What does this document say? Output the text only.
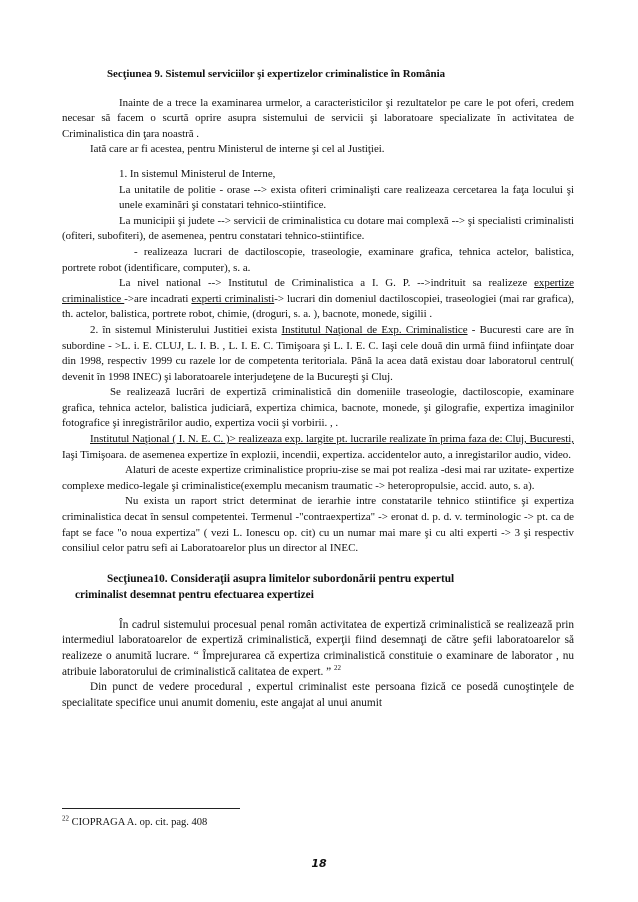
Secţiunea 9. Sistemul serviciilor şi expertizelor criminalistice în România

Inainte de a trece la examinarea urmelor, a caracteristicilor şi rezultatelor pe care le pot oferi, credem necesar să facem o scurtă oprire asupra sistemului de servicii şi laboratoare specializate în activitatea de Criminalistica din ţara noastră .

Iată care ar fi acestea, pentru Ministerul de interne şi cel al Justiţiei.

1. In sistemul Ministerul de Interne,
La unitatile de politie - orase --> exista ofiteri criminalişti care realizeaza cercetarea la faţa locului şi unele examinări şi constatari tehnico-stiintifice.

La municipii şi judete --> servicii de criminalistica cu dotare mai complexă --> şi specialisti criminalisti (ofiteri, subofiteri), de asemenea, pentru constatari tehnico-stiintifice.

- realizeaza lucrari de dactiloscopie, traseologie, examinare grafica, tehnica actelor, balistica, portrete robot (identificare, computer), s. a.

La nivel national --> Institutul de Criminalistica a I. G. P. -->indrituit sa realizeze expertize criminalistice ->are incadrati experti criminalisti-> lucrari din domeniul dactiloscopiei, traseologiei (mai rar grafica), th. actelor, balistica, portrete robot, chimie, (droguri, s. a. ), bacnote, monede, sigilii .

2. în sistemul Ministerului Justitiei exista Institutul Naţional de Exp. Criminalistice - Bucuresti care are în subordine - >L. i. E. CLUJ, L. I. B. , L. I. E. C. Timişoara şi L. I. E. C. Iaşi cele două din urmă fiind infiinţate doar din 1998, respectiv 1999 cu razele lor de competenta teritoriala. Până la acea dată existau doar laboratorul centrul( devenit în 1998 INEC) şi laboratoarele interjudeţene de la Bucureşti şi Cluj.

Se realizează lucrări de expertiză criminalistică din domeniile traseologie, dactiloscopie, examinare grafica, tehnica actelor, balistica judiciară, expertiza chimica, bacnote, monede, şi gilografie, expertiza imaginilor fotografice şi inregistrărilor audio, expertiza vocii şi vorbirii. , .

Institutul Naţional ( I. N. E. C. )> realizeaza exp. largite pt. lucrarile realizate în prima faza de: Cluj, Bucuresti, Iaşi Timişoara. de asemenea expertize în explozii, incendii, expertiza. accidentelor auto, a inregistarilor audio, video.

Alaturi de aceste expertize criminalistice propriu-zise se mai pot realiza -desi mai rar uzitate- expertize complexe medico-legale şi criminalistice(exemplu mecanism traumatic -> heteropropulsie, accid. auto, s. a).

Nu exista un raport strict determinat de ierarhie intre constatarile tehnico stiintifice şi expertiza criminalistica decat în sensul competentei. Termenul -"contraexpertiza" -> eronat d. p. d. v. terminologic -> pt. ca de fapt se face "o noua expertiza" ( vezi L. Ionescu op. cit) cu un numar mai mare şi cu alti experti -> 3 şi respectiv consiliul celor patru sefi ai Laboratoarelor plus un director al INEC.

Secţiunea10. Consideraţii asupra limitelor subordonării pentru expertul
criminalist desemnat pentru efectuarea expertizei

În cadrul sistemului procesual penal român activitatea de expertiză criminalistică se realizează prin intermediul laboratoarelor de expertiză criminalistică, experţii fiind desemnaţi de către şefii laboratoarelor să realizeze o anumită lucrare. “ Împrejurarea că expertiza criminalistică constituie o examinare de laborator , nu atribuie laboratorului de criminalistică calitatea de expert. ” $^{22}$

Din punct de vedere procedural , expertul criminalist este persoana fizică ce posedă cunoştinţele de specialitate specifice unui anumit domeniu, este angajat al unui anumit

$^{22}$ CIOPRAGA A. op. cit. pag. 408
18
